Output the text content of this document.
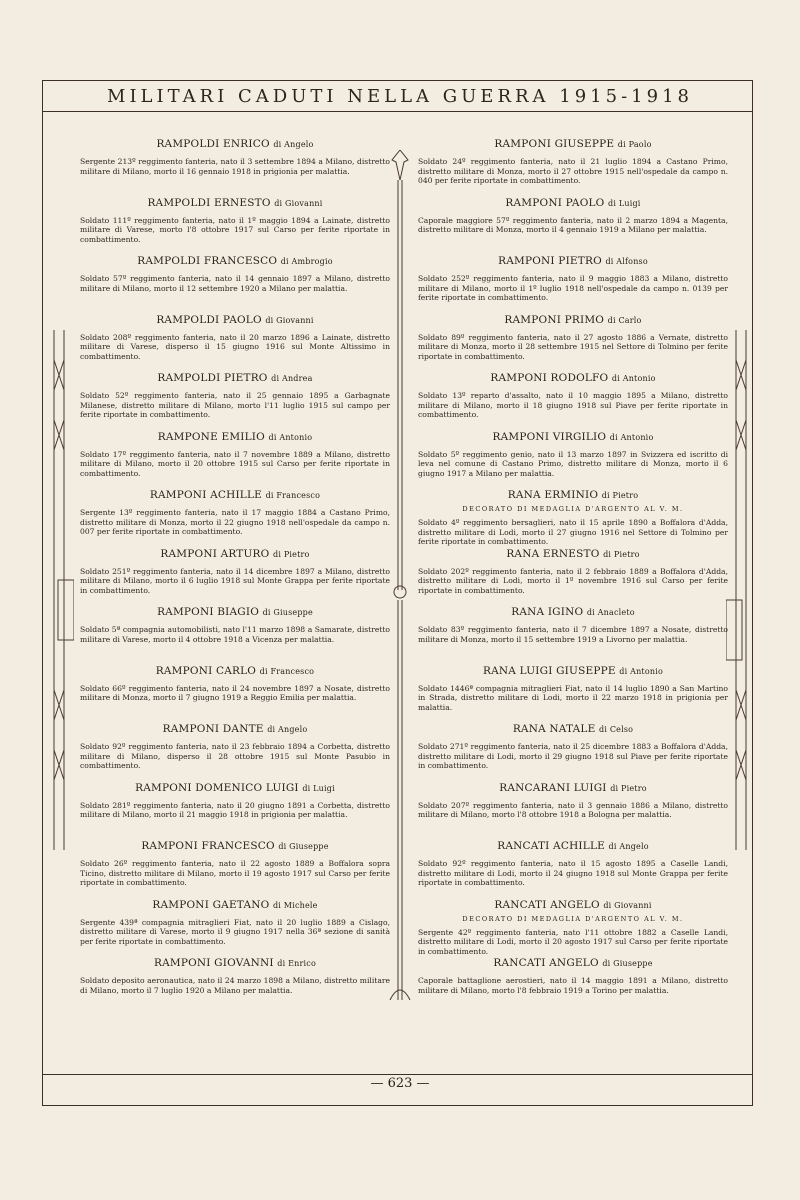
MILITARI CADUTI NELLA GUERRA 1915-1918
RAMPOLDI ENRICO di Angelo

Sergente 213º reggimento fanteria, nato il 3 settembre 1894 a Milano, distretto militare di Milano, morto il 16 gennaio 1918 in prigionia per malattia.

RAMPOLDI ERNESTO di Giovanni

Soldato 111º reggimento fanteria, nato il 1º maggio 1894 a Lainate, distretto militare di Varese, morto l'8 ottobre 1917 sul Carso per ferite riportate in combattimento.

RAMPOLDI FRANCESCO di Ambrogio

Soldato 57º reggimento fanteria, nato il 14 gennaio 1897 a Milano, distretto militare di Milano, morto il 12 settembre 1920 a Milano per malattia.

RAMPOLDI PAOLO di Giovanni

Soldato 208º reggimento fanteria, nato il 20 marzo 1896 a Lainate, distretto militare di Varese, disperso il 15 giugno 1916 sul Monte Altissimo in combattimento.

RAMPOLDI PIETRO di Andrea

Soldato 52º reggimento fanteria, nato il 25 gennaio 1895 a Garbagnate Milanese, distretto militare di Milano, morto l'11 luglio 1915 sul campo per ferite riportate in combattimento.

RAMPONE EMILIO di Antonio

Soldato 17º reggimento fanteria, nato il 7 novembre 1889 a Milano, distretto militare di Milano, morto il 20 ottobre 1915 sul Carso per ferite riportate in combattimento.

RAMPONI ACHILLE di Francesco

Sergente 13º reggimento fanteria, nato il 17 maggio 1884 a Castano Primo, distretto militare di Monza, morto il 22 giugno 1918 nell'ospedale da campo n. 007 per ferite riportate in combattimento.

RAMPONI ARTURO di Pietro

Soldato 251º reggimento fanteria, nato il 14 dicembre 1897 a Milano, distretto militare di Milano, morto il 6 luglio 1918 sul Monte Grappa per ferite riportate in combattimento.

RAMPONI BIAGIO di Giuseppe

Soldato 5ª compagnia automobilisti, nato l'11 marzo 1898 a Samarate, distretto militare di Varese, morto il 4 ottobre 1918 a Vicenza per malattia.

RAMPONI CARLO di Francesco

Soldato 66º reggimento fanteria, nato il 24 novembre 1897 a Nosate, distretto militare di Monza, morto il 7 giugno 1919 a Reggio Emilia per malattia.

RAMPONI DANTE di Angelo

Soldato 92º reggimento fanteria, nato il 23 febbraio 1894 a Corbetta, distretto militare di Milano, disperso il 28 ottobre 1915 sul Monte Pasubio in combattimento.

RAMPONI DOMENICO LUIGI di Luigi

Soldato 281º reggimento fanteria, nato il 20 giugno 1891 a Corbetta, distretto militare di Milano, morto il 21 maggio 1918 in prigionia per malattia.

RAMPONI FRANCESCO di Giuseppe

Soldato 26º reggimento fanteria, nato il 22 agosto 1889 a Boffalora sopra Ticino, distretto militare di Milano, morto il 19 agosto 1917 sul Carso per ferite riportate in combattimento.

RAMPONI GAETANO di Michele

Sergente 439ª compagnia mitraglieri Fiat, nato il 20 luglio 1889 a Cislago, distretto militare di Varese, morto il 9 giugno 1917 nella 36ª sezione di sanità per ferite riportate in combattimento.

RAMPONI GIOVANNI di Enrico

Soldato deposito aeronautica, nato il 24 marzo 1898 a Milano, distretto militare di Milano, morto il 7 luglio 1920 a Milano per malattia.

RAMPONI GIUSEPPE di Paolo

Soldato 24º reggimento fanteria, nato il 21 luglio 1894 a Castano Primo, distretto militare di Monza, morto il 27 ottobre 1915 nell'ospedale da campo n. 040 per ferite riportate in combattimento.

RAMPONI PAOLO di Luigi

Caporale maggiore 57º reggimento fanteria, nato il 2 marzo 1894 a Magenta, distretto militare di Monza, morto il 4 gennaio 1919 a Milano per malattia.

RAMPONI PIETRO di Alfonso

Soldato 252º reggimento fanteria, nato il 9 maggio 1883 a Milano, distretto militare di Milano, morto il 1º luglio 1918 nell'ospedale da campo n. 0139 per ferite riportate in combattimento.

RAMPONI PRIMO di Carlo

Soldato 89º reggimento fanteria, nato il 27 agosto 1886 a Vernate, distretto militare di Monza, morto il 28 settembre 1915 nel Settore di Tolmino per ferite riportate in combattimento.

RAMPONI RODOLFO di Antonio

Soldato 13º reparto d'assalto, nato il 10 maggio 1895 a Milano, distretto militare di Milano, morto il 18 giugno 1918 sul Piave per ferite riportate in combattimento.

RAMPONI VIRGILIO di Antonio

Soldato 5º reggimento genio, nato il 13 marzo 1897 in Svizzera ed iscritto di leva nel comune di Castano Primo, distretto militare di Monza, morto il 6 giugno 1917 a Milano per malattia.

RANA ERMINIO di Pietro
DECORATO DI MEDAGLIA D'ARGENTO AL V. M.

Soldato 4º reggimento bersaglieri, nato il 15 aprile 1890 a Boffalora d'Adda, distretto militare di Lodi, morto il 27 giugno 1916 nel Settore di Tolmino per ferite riportate in combattimento.

RANA ERNESTO di Pietro

Soldato 202º reggimento fanteria, nato il 2 febbraio 1889 a Boffalora d'Adda, distretto militare di Lodi, morto il 1º novembre 1916 sul Carso per ferite riportate in combattimento.

RANA IGINO di Anacleto

Soldato 83º reggimento fanteria, nato il 7 dicembre 1897 a Nosate, distretto militare di Monza, morto il 15 settembre 1919 a Livorno per malattia.

RANA LUIGI GIUSEPPE di Antonio

Soldato 1446ª compagnia mitraglieri Fiat, nato il 14 luglio 1890 a San Martino in Strada, distretto militare di Lodi, morto il 22 marzo 1918 in prigionia per malattia.

RANA NATALE di Celso

Soldato 271º reggimento fanteria, nato il 25 dicembre 1883 a Boffalora d'Adda, distretto militare di Lodi, morto il 29 giugno 1918 sul Piave per ferite riportate in combattimento.

RANCARANI LUIGI di Pietro

Soldato 207º reggimento fanteria, nato il 3 gennaio 1886 a Milano, distretto militare di Milano, morto l'8 ottobre 1918 a Bologna per malattia.

RANCATI ACHILLE di Angelo

Soldato 92º reggimento fanteria, nato il 15 agosto 1895 a Caselle Landi, distretto militare di Lodi, morto il 24 giugno 1918 sul Monte Grappa per ferite riportate in combattimento.

RANCATI ANGELO di Giovanni
DECORATO DI MEDAGLIA D'ARGENTO AL V. M.

Sergente 42º reggimento fanteria, nato l'11 ottobre 1882 a Caselle Landi, distretto militare di Lodi, morto il 20 agosto 1917 sul Carso per ferite riportate in combattimento.

RANCATI ANGELO di Giuseppe

Caporale battaglione aerostieri, nato il 14 maggio 1891 a Milano, distretto militare di Milano, morto l'8 febbraio 1919 a Torino per malattia.

— 623 —
